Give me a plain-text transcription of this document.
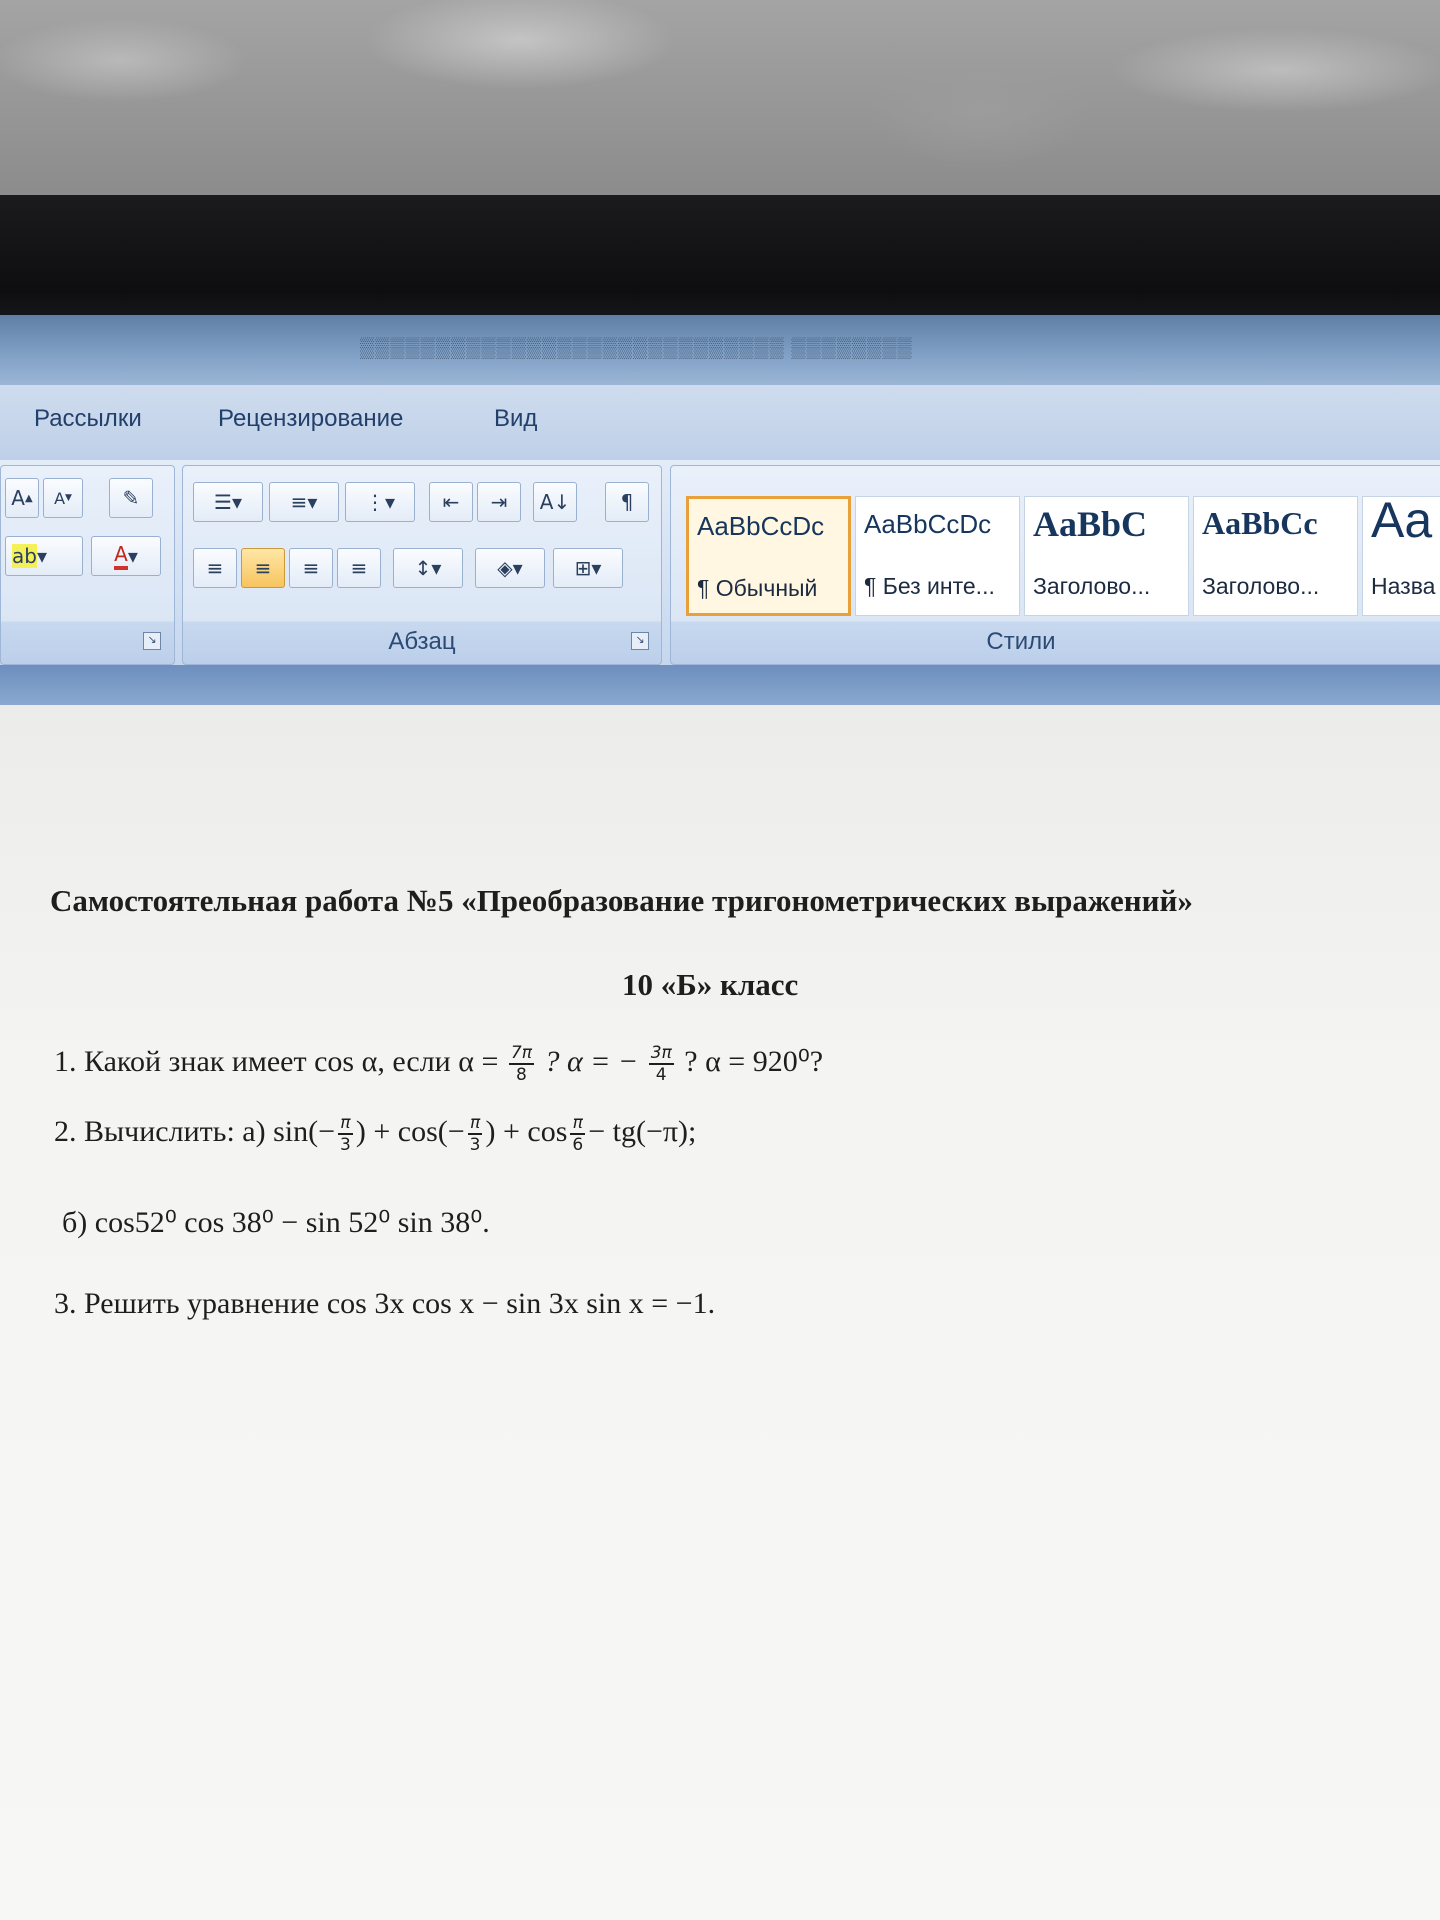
▒▒▒▒▒▒▒▒▒▒▒▒▒▒▒▒▒▒▒▒▒▒▒▒▒▒▒▒ ▒▒▒▒▒▒▒▒
Рассылки	Рецензирование	Вид
A ▲ A ▼	✎
ab ▾	A ▾
↘
☰▾	≡▾	⋮▾	⇤	⇥	A↓	¶
≡	≡	≡	≡	↕▾	◈▾	⊞▾
Абзац	↘
AaBbCcDc
¶ Обычный
AaBbCcDc
¶ Без инте...
AaBbC
Заголово...
AaBbCc
Заголово...
Aa
Назва
Стили
Самостоятельная работа №5 «Преобразование тригонометрических выражений»
10 «Б» класс
1. Какой знак имеет cos α, если $\alpha = \frac{7\pi}{8}$ ? α = − $\frac{3\pi}{4}$ ? α = 920⁰?
2. Вычислить: а) $\sin(- \frac{\pi}{3}$ ) + $\cos(- \frac{\pi}{3}$ ) + $\cos \frac{\pi}{6} - tg(-\pi)$;
б) cos52⁰ cos 38⁰ − sin 52⁰ sin 38⁰.
3. Решить уравнение cos 3x cos x − sin 3x sin x = −1.
